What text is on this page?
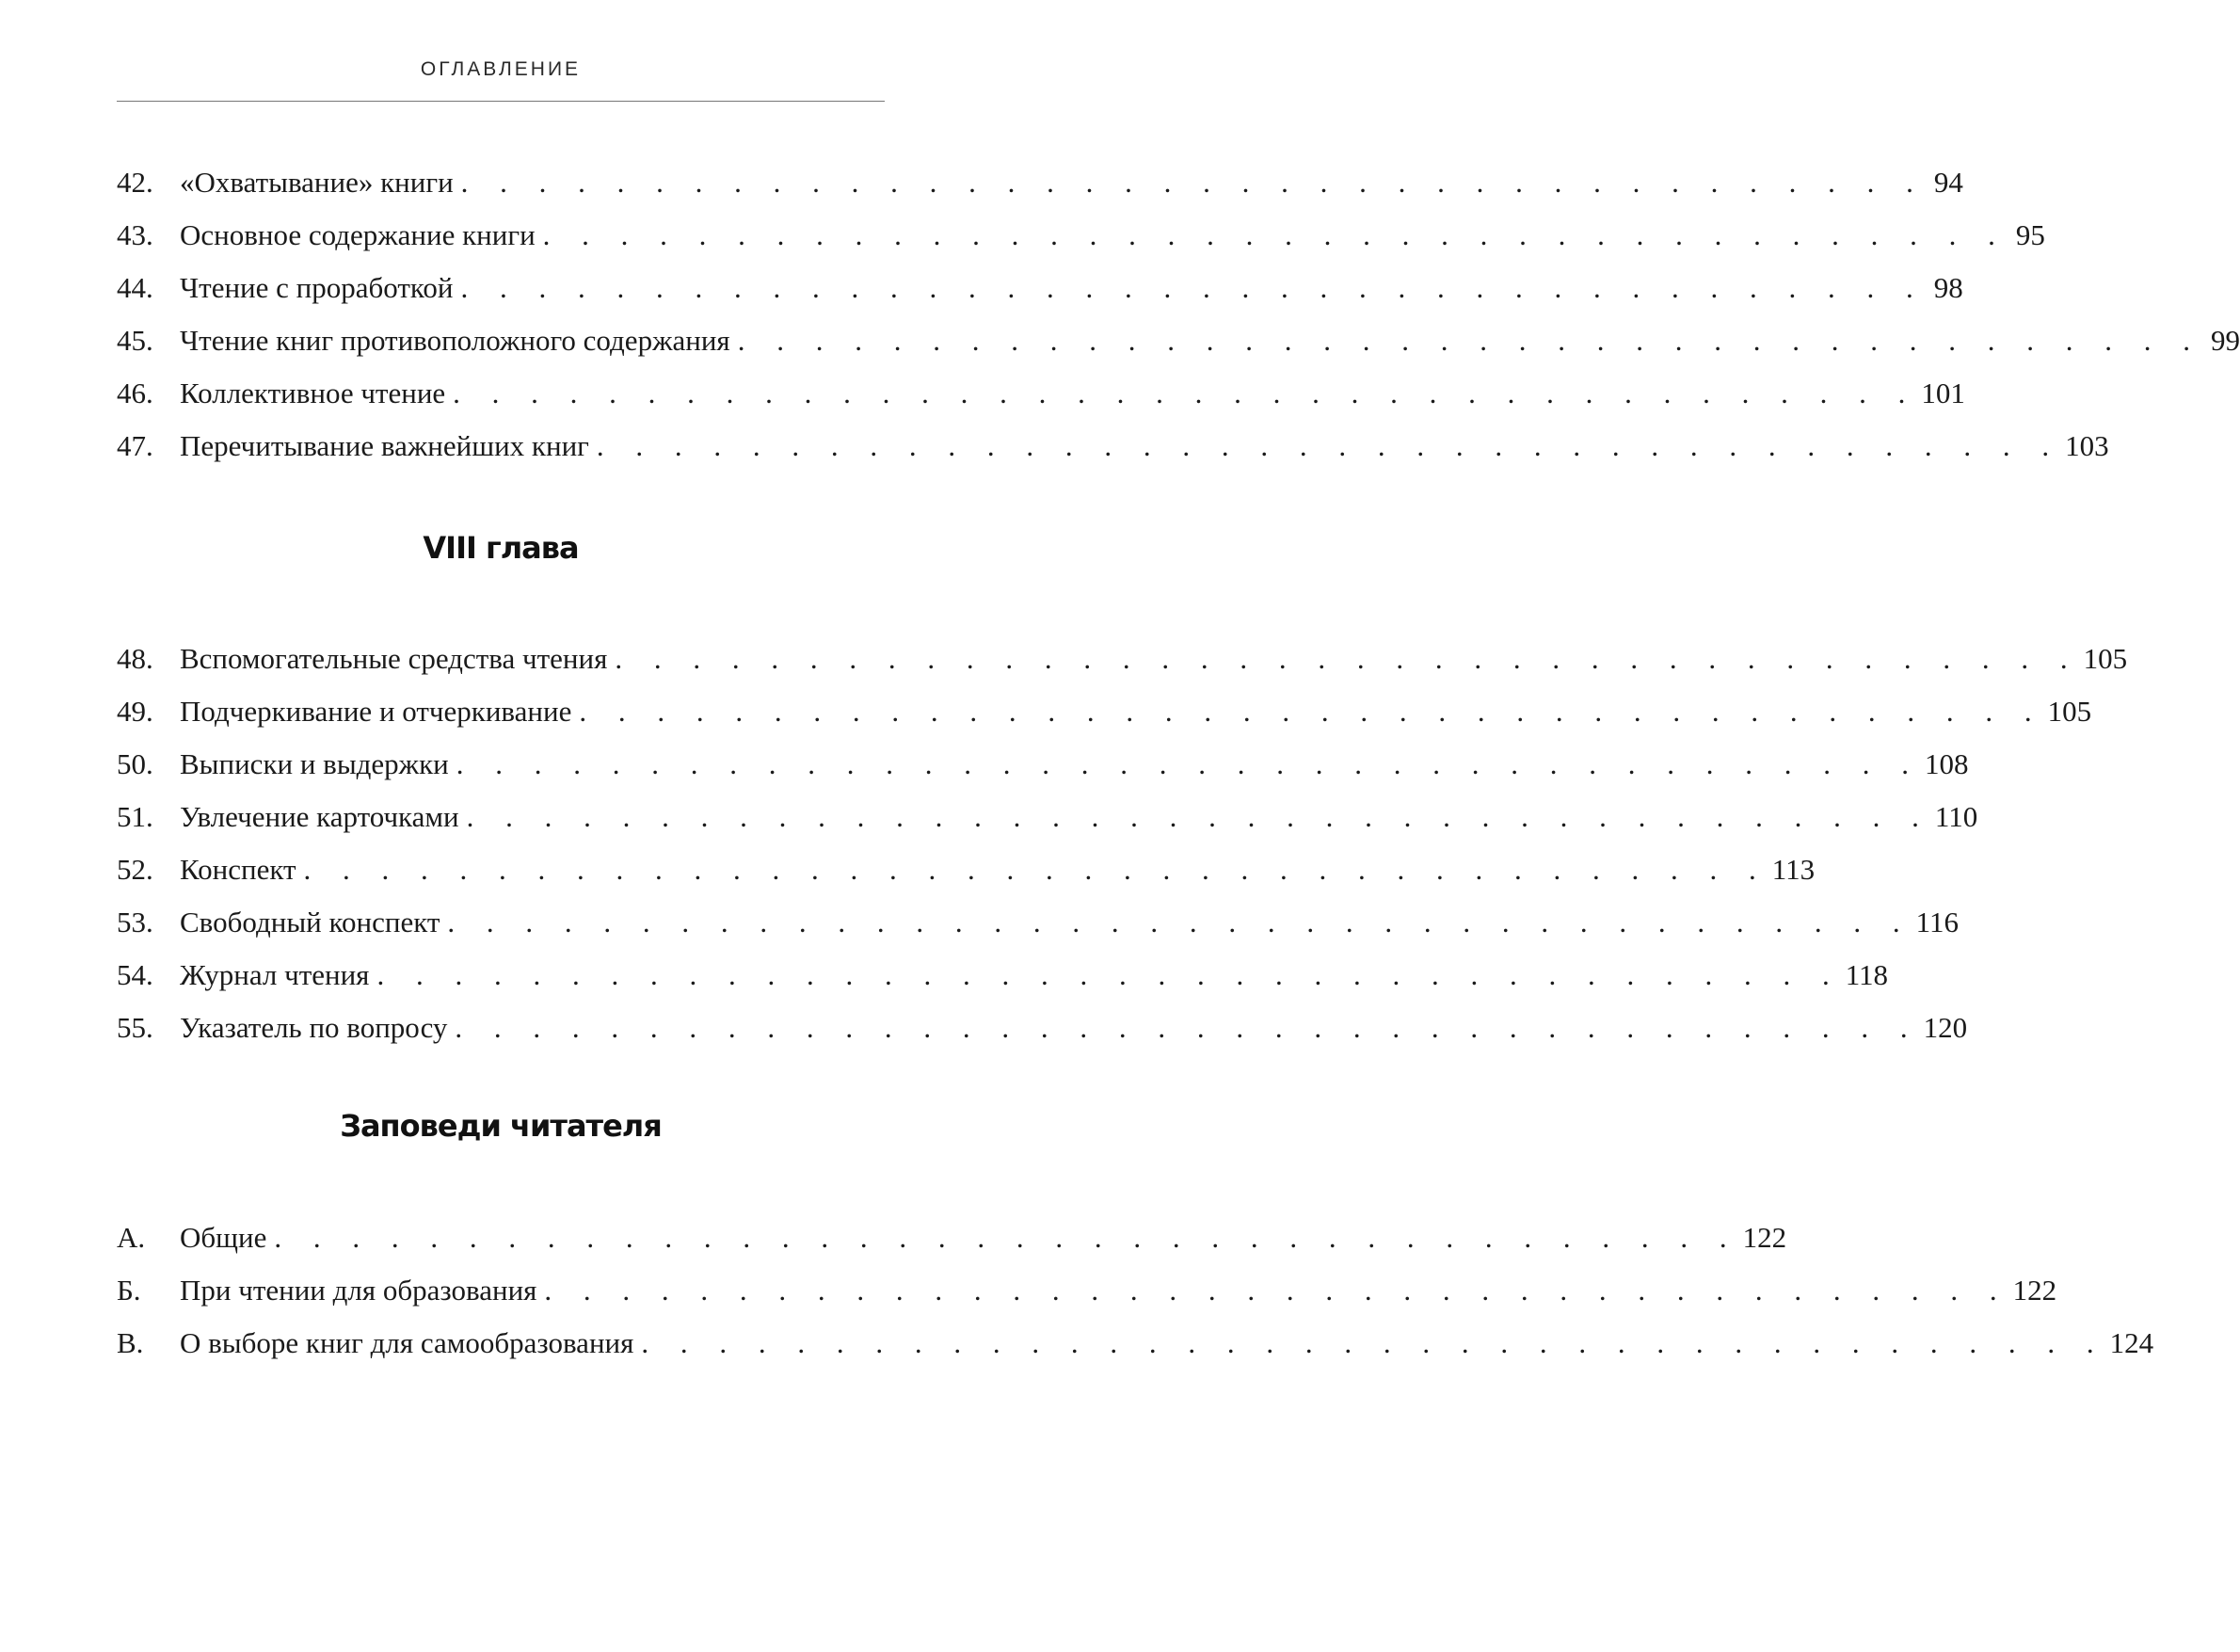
ОГЛАВЛЕНИЕ
42. «Охватывание» книги . . . . . . . . . . . . . . . . . . . . . . . . . . . . . . . . . . . . . . 94
43. Основное содержание книги . . . . . . . . . . . . . . . . . . . . . . . . . . . . . . . . . . . . . . 95
44. Чтение с проработкой . . . . . . . . . . . . . . . . . . . . . . . . . . . . . . . . . . . . . . 98
45. Чтение книг противоположного содержания . . . . . . . . . . . . . . . . . . . . . . . . . . . . . . . . . . . . . . 99
46. Коллективное чтение . . . . . . . . . . . . . . . . . . . . . . . . . . . . . . . . . . . . . . 101
47. Перечитывание важнейших книг . . . . . . . . . . . . . . . . . . . . . . . . . . . . . . . . . . . . . . 103
VIII глава
48. Вспомогательные средства чтения . . . . . . . . . . . . . . . . . . . . . . . . . . . . . . . . . . . . . . 105
49. Подчеркивание и отчеркивание . . . . . . . . . . . . . . . . . . . . . . . . . . . . . . . . . . . . . . 105
50. Выписки и выдержки . . . . . . . . . . . . . . . . . . . . . . . . . . . . . . . . . . . . . . 108
51. Увлечение карточками . . . . . . . . . . . . . . . . . . . . . . . . . . . . . . . . . . . . . . 110
52. Конспект . . . . . . . . . . . . . . . . . . . . . . . . . . . . . . . . . . . . . . 113
53. Свободный конспект . . . . . . . . . . . . . . . . . . . . . . . . . . . . . . . . . . . . . . 116
54. Журнал чтения . . . . . . . . . . . . . . . . . . . . . . . . . . . . . . . . . . . . . . 118
55. Указатель по вопросу . . . . . . . . . . . . . . . . . . . . . . . . . . . . . . . . . . . . . . 120
Заповеди читателя
А.	Общие . . . . . . . . . . . . . . . . . . . . . . . . . . . . . . . . . . . . . . 122
Б.	При чтении для образования . . . . . . . . . . . . . . . . . . . . . . . . . . . . . . . . . . . . . . 122
В.	О выборе книг для самообразования . . . . . . . . . . . . . . . . . . . . . . . . . . . . . . . . . . . . . . 124
